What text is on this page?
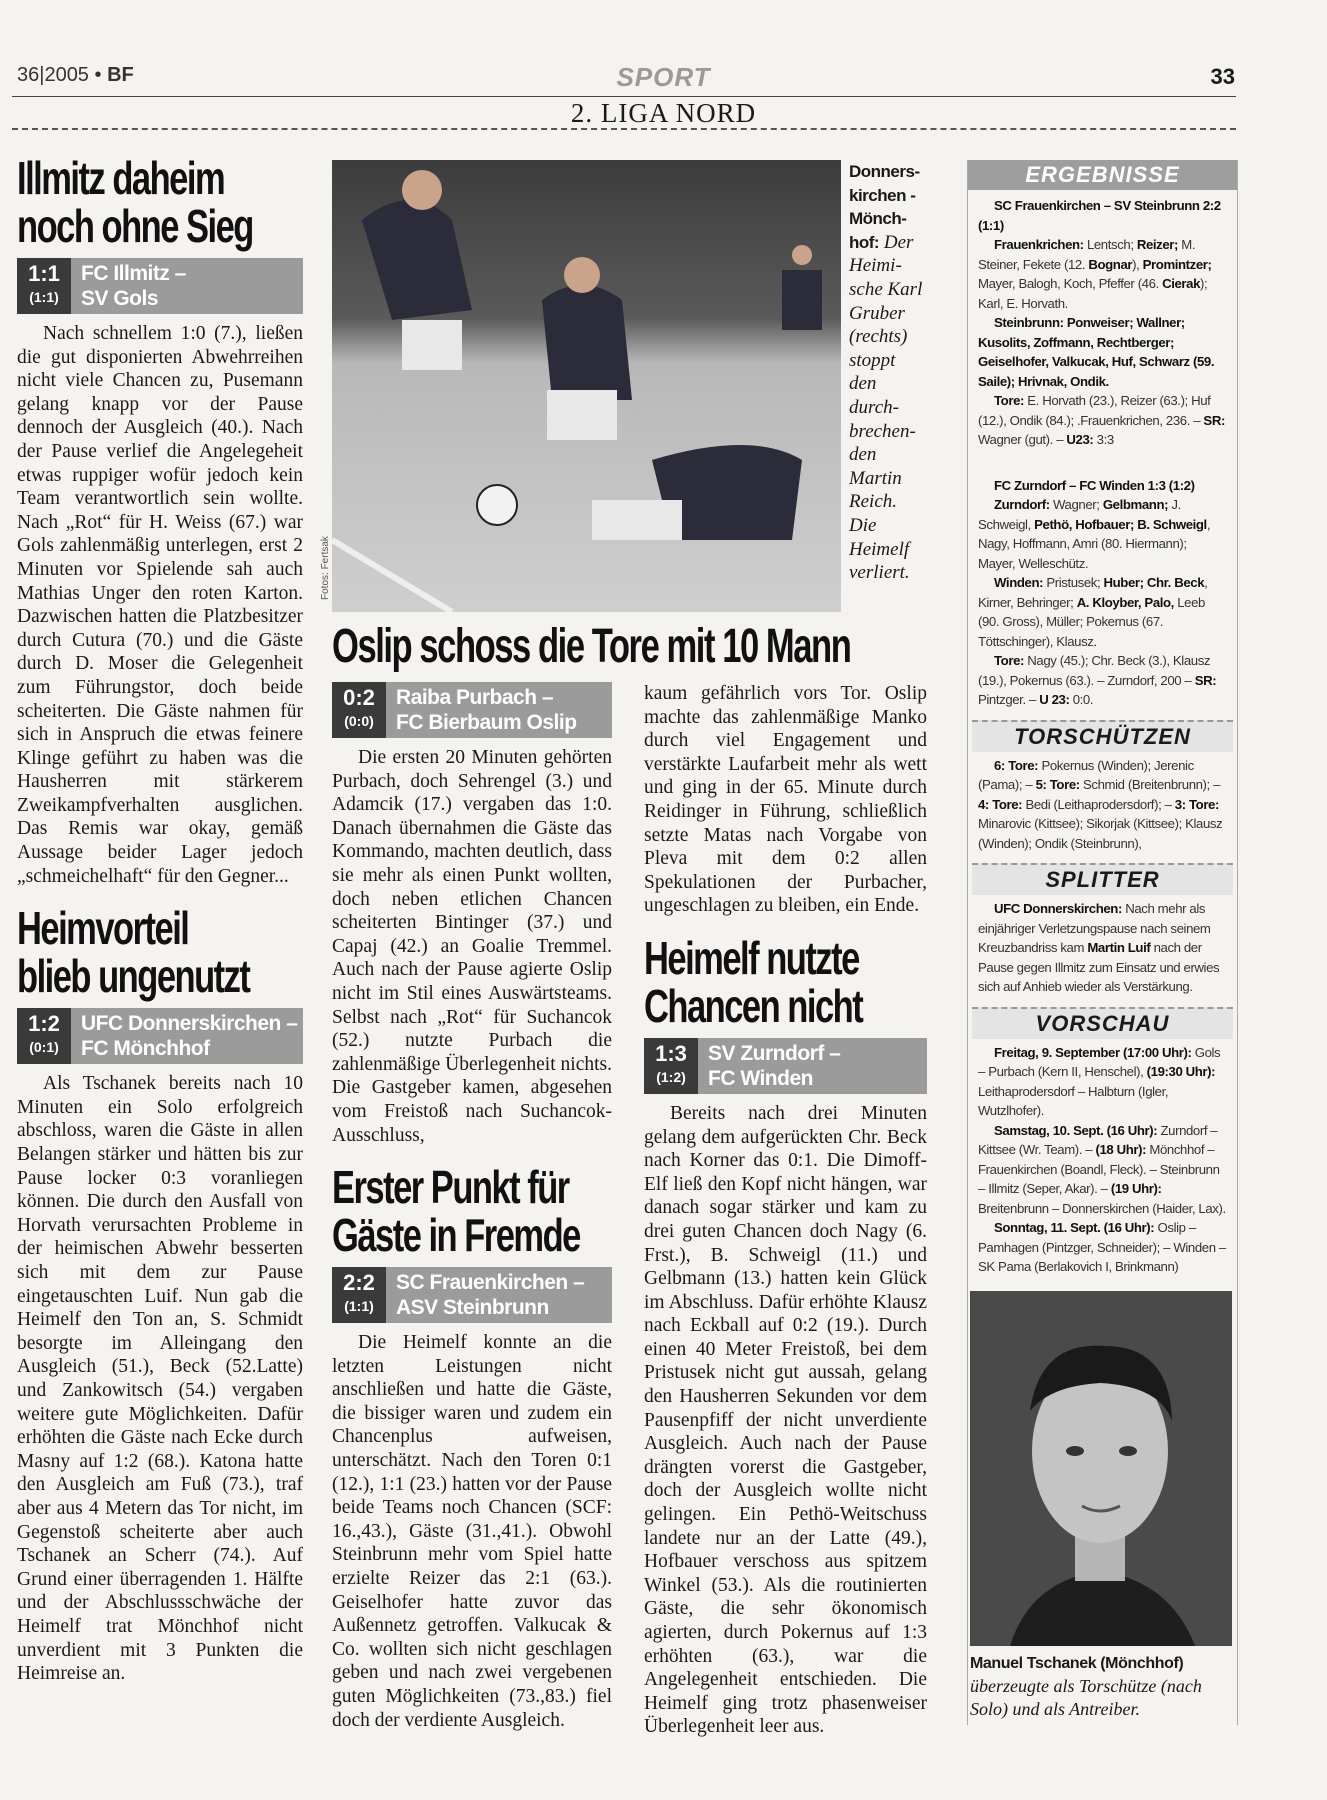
36|2005 • BF	SPORT	33
2. LIGA NORD
Illmitz daheim
noch ohne Sieg
1:1
(1:1)
FC Illmitz –
SV Gols
Nach schnellem 1:0 (7.), ließen die gut disponierten Abwehrreihen nicht viele Chancen zu, Pusemann gelang knapp vor der Pause dennoch der Ausgleich (40.). Nach der Pause verlief die Angelegeheit etwas ruppiger wofür jedoch kein Team verantwortlich sein wollte. Nach „Rot“ für H. Weiss (67.) war Gols zahlenmäßig unterlegen, erst 2 Minuten vor Spielende sah auch Mathias Unger den roten Karton. Dazwischen hatten die Platzbesitzer durch Cutura (70.) und die Gäste durch D. Moser die Gelegenheit zum Führungstor, doch beide scheiterten. Die Gäste nahmen für sich in Anspruch die etwas feinere Klinge geführt zu haben was die Hausherren mit stärkerem Zweikampfverhalten ausglichen. Das Remis war okay, gemäß Aussage beider Lager jedoch „schmeichelhaft“ für den Gegner...
Heimvorteil
blieb ungenutzt
1:2
(0:1)
UFC Donnerskirchen –
FC Mönchhof
Als Tschanek bereits nach 10 Minuten ein Solo erfolgreich abschloss, waren die Gäste in allen Belangen stärker und hätten bis zur Pause locker 0:3 voranliegen können. Die durch den Ausfall von Horvath verursachten Probleme in der heimischen Abwehr besserten sich mit dem zur Pause eingetauschten Luif. Nun gab die Heimelf den Ton an, S. Schmidt besorgte im Alleingang den Ausgleich (51.), Beck (52.Latte) und Zankowitsch (54.) vergaben weitere gute Möglichkeiten. Dafür erhöhten die Gäste nach Ecke durch Masny auf 1:2 (68.). Katona hatte den Ausgleich am Fuß (73.), traf aber aus 4 Metern das Tor nicht, im Gegenstoß scheiterte aber auch Tschanek an Scherr (74.). Auf Grund einer überragenden 1. Hälfte und der Abschlussschwäche der Heimelf trat Mönchhof nicht unverdient mit 3 Punkten die Heimreise an.
Fotos: Fertsak
Donnerskirchen - Mönchhof: Der Heimische Karl Gruber (rechts) stoppt den durchbrechenden Martin Reich. Die Heimelf verliert.
Oslip schoss die Tore mit 10 Mann
0:2
(0:0)
Raiba Purbach –
FC Bierbaum Oslip
Die ersten 20 Minuten gehörten Purbach, doch Sehrengel (3.) und Adamcik (17.) vergaben das 1:0. Danach übernahmen die Gäste das Kommando, machten deutlich, dass sie mehr als einen Punkt wollten, doch neben etlichen Chancen scheiterten Bintinger (37.) und Capaj (42.) an Goalie Tremmel. Auch nach der Pause agierte Oslip nicht im Stil eines Auswärtsteams. Selbst nach „Rot“ für Suchancok (52.) nutzte Purbach die zahlenmäßige Überlegenheit nichts. Die Gastgeber kamen, abgesehen vom Freistoß nach Suchancok-Ausschluss,
Erster Punkt für
Gäste in Fremde
2:2
(1:1)
SC Frauenkirchen –
ASV Steinbrunn
Die Heimelf konnte an die letzten Leistungen nicht anschließen und hatte die Gäste, die bissiger waren und zudem ein Chancenplus aufweisen, unterschätzt. Nach den Toren 0:1 (12.), 1:1 (23.) hatten vor der Pause beide Teams noch Chancen (SCF: 16.,43.), Gäste (31.,41.). Obwohl Steinbrunn mehr vom Spiel hatte erzielte Reizer das 2:1 (63.). Geiselhofer hatte zuvor das Außennetz getroffen. Valkucak & Co. wollten sich nicht geschlagen geben und nach zwei vergebenen guten Möglichkeiten (73.,83.) fiel doch der verdiente Ausgleich.
kaum gefährlich vors Tor. Oslip machte das zahlenmäßige Manko durch viel Engagement und verstärkte Laufarbeit mehr als wett und ging in der 65. Minute durch Reidinger in Führung, schließlich setzte Matas nach Vorgabe von Pleva mit dem 0:2 allen Spekulationen der Purbacher, ungeschlagen zu bleiben, ein Ende.
Heimelf nutzte
Chancen nicht
1:3
(1:2)
SV Zurndorf –
FC Winden
Bereits nach drei Minuten gelang dem aufgerückten Chr. Beck nach Korner das 0:1. Die Dimoff-Elf ließ den Kopf nicht hängen, war danach sogar stärker und kam zu drei guten Chancen doch Nagy (6. Frst.), B. Schweigl (11.) und Gelbmann (13.) hatten kein Glück im Abschluss. Dafür erhöhte Klausz nach Eckball auf 0:2 (19.). Durch einen 40 Meter Freistoß, bei dem Pristusek nicht gut aussah, gelang den Hausherren Sekunden vor dem Pausenpfiff der nicht unverdiente Ausgleich. Auch nach der Pause drängten vorerst die Gastgeber, doch der Ausgleich wollte nicht gelingen. Ein Pethö-Weitschuss landete nur an der Latte (49.), Hofbauer verschoss aus spitzem Winkel (53.). Als die routinierten Gäste, die sehr ökonomisch agierten, durch Pokernus auf 1:3 erhöhten (63.), war die Angelegenheit entschieden. Die Heimelf ging trotz phasenweiser Überlegenheit leer aus.
ERGEBNISSE

SC Frauenkirchen – SV Steinbrunn 2:2 (1:1)

Frauenkrichen: Lentsch; Reizer; M. Steiner, Fekete (12. Bognar), Promintzer; Mayer, Balogh, Koch, Pfeffer (46. Cierak); Karl, E. Horvath.

Steinbrunn: Ponweiser; Wallner; Kusolits, Zoffmann, Rechtberger; Geiselhofer, Valkucak, Huf, Schwarz (59. Saile); Hrivnak, Ondik.

Tore: E. Horvath (23.), Reizer (63.); Huf (12.), Ondik (84.); .Frauenkrichen, 236. – SR: Wagner (gut). – U23: 3:3

FC Zurndorf – FC Winden 1:3 (1:2)

Zurndorf: Wagner; Gelbmann; J. Schweigl, Pethö, Hofbauer; B. Schweigl, Nagy, Hoffmann, Amri (80. Hiermann); Mayer, Welleschütz.

Winden: Pristusek; Huber; Chr. Beck, Kirner, Behringer; A. Kloyber, Palo, Leeb (90. Gross), Müller; Pokernus (67. Töttschinger), Klausz.

Tore: Nagy (45.); Chr. Beck (3.), Klausz (19.), Pokernus (63.). – Zurndorf, 200 – SR: Pintzger. – U 23: 0:0.

TORSCHÜTZEN

6: Tore: Pokernus (Winden); Jerenic (Pama); – 5: Tore: Schmid (Breitenbrunn); – 4: Tore: Bedi (Leithaprodersdorf); – 3: Tore: Minarovic (Kittsee); Sikorjak (Kittsee); Klausz (Winden); Ondik (Steinbrunn),

SPLITTER

UFC Donnerskirchen: Nach mehr als einjähriger Verletzungspause nach seinem Kreuzbandriss kam Martin Luif nach der Pause gegen Illmitz zum Einsatz und erwies sich auf Anhieb wieder als Verstärkung.

VORSCHAU

Freitag, 9. September (17:00 Uhr): Gols – Purbach (Kern II, Henschel), (19:30 Uhr): Leithaprodersdorf – Halbturn (Igler, Wutzlhofer).

Samstag, 10. Sept. (16 Uhr): Zurndorf – Kittsee (Wr. Team). – (18 Uhr): Mönchhof – Frauenkirchen (Boandl, Fleck). – Steinbrunn – Illmitz (Seper, Akar). – (19 Uhr): Breitenbrunn – Donnerskirchen (Haider, Lax).

Sonntag, 11. Sept. (16 Uhr): Oslip – Pamhagen (Pintzger, Schneider); – Winden – SK Pama (Berlakovich I, Brinkmann)

Manuel Tschanek (Mönchhof)
überzeugte als Torschütze (nach Solo) und als Antreiber.
